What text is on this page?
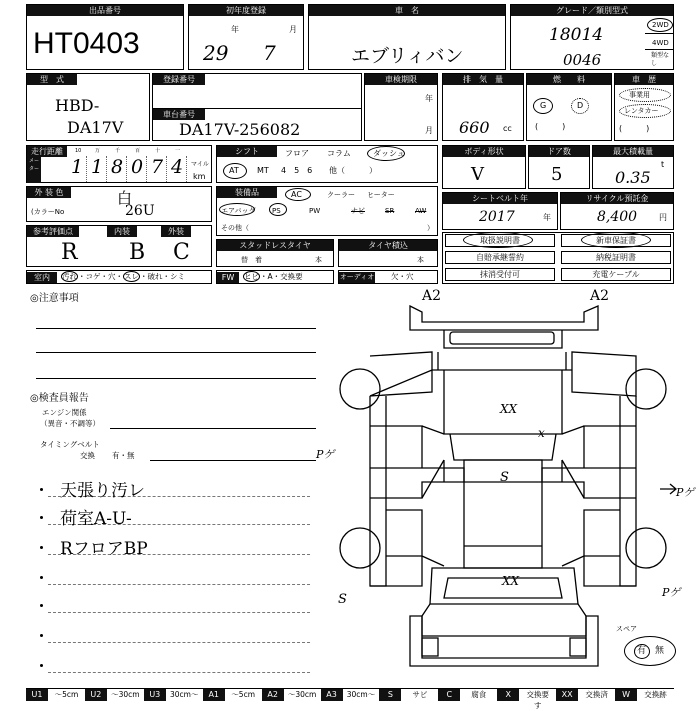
出品番号
HT0403
初年度登録
年	月
29 7
車　名
エブリィバン
グレード／類別型式
18014
0046
2WD
4WD
類型なし
型　式
HBD-
DA17V
登録番号
車台番号
DA17V-256082
車検期限
年
月
排　気　量
660 cc
燃　　料
G	D
(　　　)
車　歴
事業用
レンタカー
(　　　)
走行距離
メーター
10
1
万
1
千
8
百
0
十
7
一
4 マイル
km
シフト	フロア コラム	ダッシュ
AT MT 4　5　6 他（　　　）
ボディ形状
V
ドア数
5
最大積載量
t
0.35
外 装 色	白
(カラーNo	26U
装備品	AC	クーラー ヒーター
エアバッグ PS	PW	ナビ	SR	AW
その他（	）
シートベルト年
2017	年
リサイクル預託金
8,400	円
参考評価点	内装	外装
R B C	スタッドレスタイヤ
替　着	本
タイヤ積込
本
取扱説明書	新車保証書
自賠承継誓約	納税証明書
抹消受付可	充電ケーブル
室内	汚れ・コゲ・穴・スレ・破れ・シミ	FW	ヒビ・A・交換要	オーディオ 欠・穴
◎注意事項
◎検査員報告
エンジン関係
（異音・不調等）
タイミングベルト
交換 有・無
天張り汚レ
荷室A-U-
RフロアBP
A2	A2
XX
x
S
XX
Pゲ
Pゲ
Pゲ
S
スペア
有 無
U1	～5cm	U2	～30cm	U3	30cm～	A1	～5cm	A2	～30cm	A3	30cm～	S	サビ	C	腐食	X	交換要す
XX	交換済	W	交換跡
